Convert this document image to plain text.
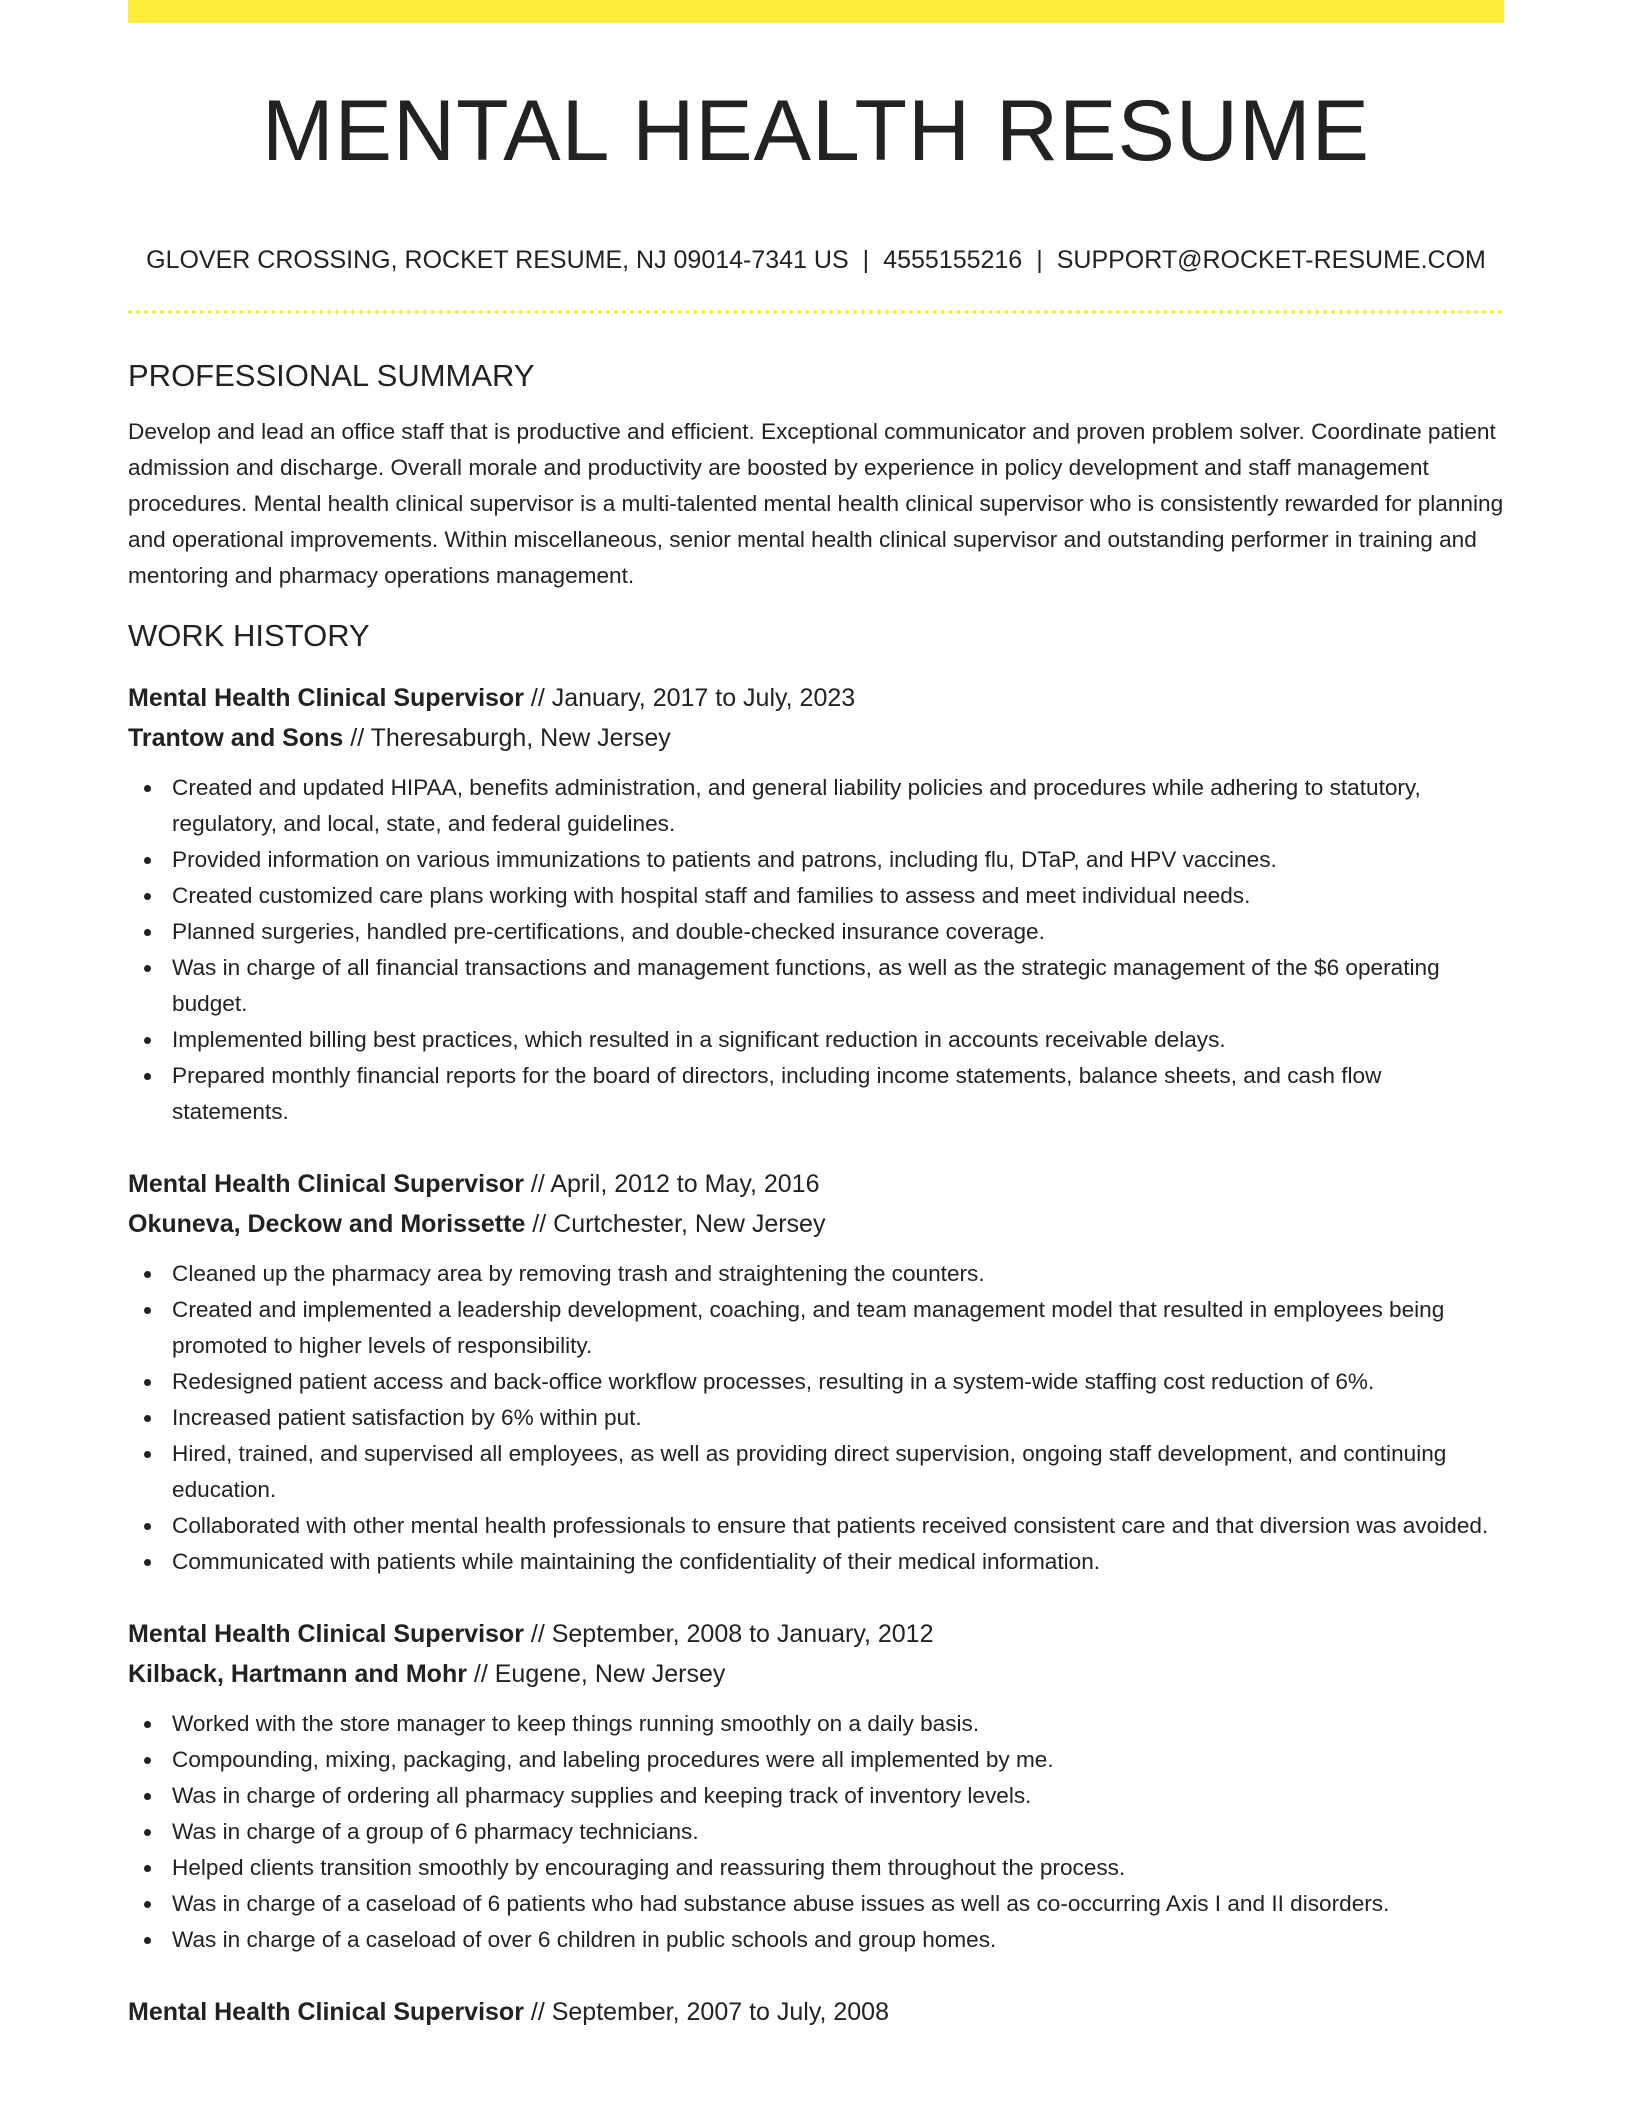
MENTAL HEALTH RESUME
GLOVER CROSSING, ROCKET RESUME, NJ 09014-7341 US | 4555155216 | SUPPORT@ROCKET-RESUME.COM
PROFESSIONAL SUMMARY
Develop and lead an office staff that is productive and efficient. Exceptional communicator and proven problem solver. Coordinate patient admission and discharge. Overall morale and productivity are boosted by experience in policy development and staff management procedures. Mental health clinical supervisor is a multi-talented mental health clinical supervisor who is consistently rewarded for planning and operational improvements. Within miscellaneous, senior mental health clinical supervisor and outstanding performer in training and mentoring and pharmacy operations management.
WORK HISTORY
Mental Health Clinical Supervisor // January, 2017 to July, 2023
Trantow and Sons // Theresaburgh, New Jersey
Created and updated HIPAA, benefits administration, and general liability policies and procedures while adhering to statutory, regulatory, and local, state, and federal guidelines.
Provided information on various immunizations to patients and patrons, including flu, DTaP, and HPV vaccines.
Created customized care plans working with hospital staff and families to assess and meet individual needs.
Planned surgeries, handled pre-certifications, and double-checked insurance coverage.
Was in charge of all financial transactions and management functions, as well as the strategic management of the $6 operating budget.
Implemented billing best practices, which resulted in a significant reduction in accounts receivable delays.
Prepared monthly financial reports for the board of directors, including income statements, balance sheets, and cash flow statements.
Mental Health Clinical Supervisor // April, 2012 to May, 2016
Okuneva, Deckow and Morissette // Curtchester, New Jersey
Cleaned up the pharmacy area by removing trash and straightening the counters.
Created and implemented a leadership development, coaching, and team management model that resulted in employees being promoted to higher levels of responsibility.
Redesigned patient access and back-office workflow processes, resulting in a system-wide staffing cost reduction of 6%.
Increased patient satisfaction by 6% within put.
Hired, trained, and supervised all employees, as well as providing direct supervision, ongoing staff development, and continuing education.
Collaborated with other mental health professionals to ensure that patients received consistent care and that diversion was avoided.
Communicated with patients while maintaining the confidentiality of their medical information.
Mental Health Clinical Supervisor // September, 2008 to January, 2012
Kilback, Hartmann and Mohr // Eugene, New Jersey
Worked with the store manager to keep things running smoothly on a daily basis.
Compounding, mixing, packaging, and labeling procedures were all implemented by me.
Was in charge of ordering all pharmacy supplies and keeping track of inventory levels.
Was in charge of a group of 6 pharmacy technicians.
Helped clients transition smoothly by encouraging and reassuring them throughout the process.
Was in charge of a caseload of 6 patients who had substance abuse issues as well as co-occurring Axis I and II disorders.
Was in charge of a caseload of over 6 children in public schools and group homes.
Mental Health Clinical Supervisor // September, 2007 to July, 2008
